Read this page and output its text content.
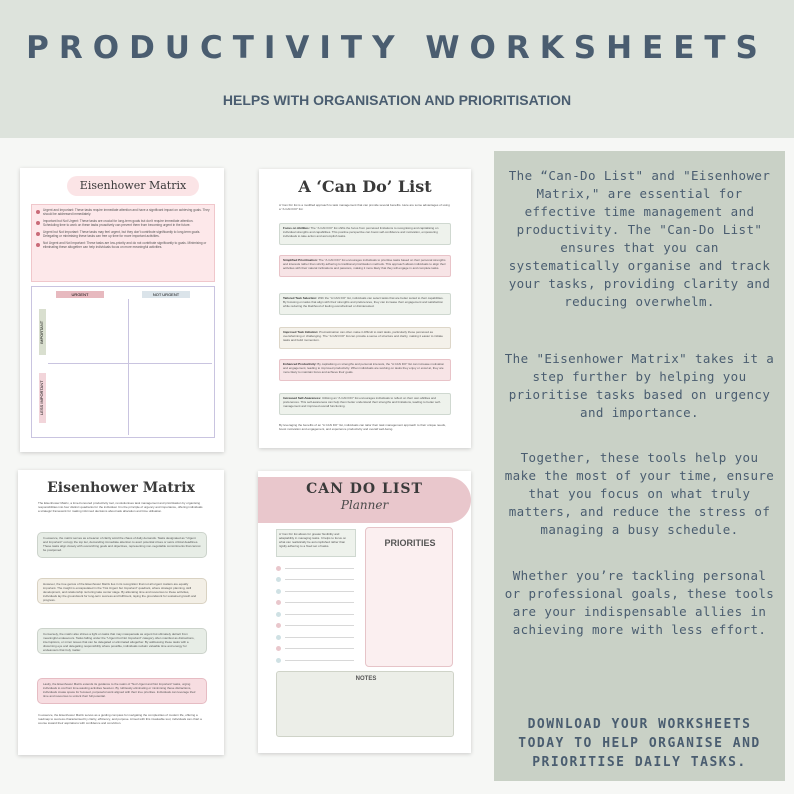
PRODUCTIVITY WORKSHEETS
HELPS WITH ORGANISATION AND PRIORITISATION
Eisenhower Matrix
Urgent and Important: These tasks require immediate attention and have a significant impact on achieving goals. They should be addressed immediately.
Important but Not Urgent: These tasks are crucial for long-term goals but don't require immediate attention. Scheduling time to work on these tasks proactively can prevent them from becoming urgent in the future.
Urgent but Not Important: These tasks may feel urgent, but they don't contribute significantly to long-term goals. Delegating or minimising these tasks can free up time for more important activities.
Not Urgent and Not Important: These tasks are low-priority and do not contribute significantly to goals. Minimising or eliminating these altogether can help individuals focus on more meaningful activities.
URGENT	NOT URGENT
IMPORTANT
LESS IMPORTANT
A ‘Can Do’ List
A 'Can Do' list is a modified approach to task management that can provide several benefits. Here are some advantages of using a "A CAN DO" list:
Focus on Abilities: The "A CAN DO" list shifts the focus from perceived limitations to recognising and capitalising on individual strengths and capabilities. This positive perspective can boost self-confidence and motivation, empowering individuals to take action and accomplish tasks.
Simplified Prioritisation: The "A CAN DO" list encourages individuals to prioritise tasks based on their personal strengths and interests rather than strictly adhering to traditional prioritisation methods. This approach allows individuals to align their activities with their natural inclinations and passions, making it more likely that they will engage in and complete tasks.
Tailored Task Selection: With the "A CAN DO" list, individuals can select tasks that are better suited to their capabilities. By focusing on tasks that align with their strengths and preferences, they can increase their engagement and satisfaction while reducing the likelihood of feeling overwhelmed or disinterested.
Improved Task Initiation: Procrastination can often make it difficult to start tasks, particularly those perceived as overwhelming or challenging. The "A CAN DO" list can provide a sense of structure and clarity, making it easier to initiate tasks and build momentum.
Enhanced Productivity: By capitalising on strengths and personal interests, the "A CAN DO" list can increase motivation and engagement, leading to improved productivity. When individuals are working on tasks they enjoy or excel at, they are more likely to maintain focus and achieve their goals.
Increased Self-Awareness: Utilising an "A CAN DO" list encourages individuals to reflect on their own abilities and preferences. This self-awareness can help them better understand their strengths and limitations, leading to better self-management and improved overall functioning.
By leveraging the benefits of an "A CAN DO" list, individuals can tailor their task management approach to their unique needs, boost motivation and engagement, and experience productivity and overall well-being.
Eisenhower Matrix
The Eisenhower Matrix, a time-honoured productivity tool, revolutionises task management and prioritisation by organising responsibilities into four distinct quadrants for the individual. It is the principle of urgency and importance, offering individuals a strategic framework for making informed decisions about task allocation and time utilisation.
In essence, the matrix serves as a beacon of clarity amid the chaos of daily demands. Tasks designated as "Urgent and Important" occupy the top tier, demanding immediate attention to avert potential crises or seize critical deadlines. These tasks align closely with overarching goals and objectives, representing non-negotiable commitments that cannot be postponed.
However, the true genius of the Eisenhower Matrix lies in its recognition that not all urgent matters are equally important. The insight is encapsulated in the "Not Urgent but Important" quadrant, where strategic planning, skill development, and relationship nurturing take center stage. By allocating time and resources to these activities, individuals lay the groundwork for long-term success and fulfilment, laying the groundwork for sustained growth and progress.
Conversely, the matrix also shines a light on tasks that may masquerade as urgent but ultimately detract from meaningful endeavours. Tasks falling under the "Urgent but Not Important" category often manifest as distractions, interruptions, or minor issues that can be delegated or eliminated altogether. By addressing these tasks with a discerning eye and delegating responsibility where possible, individuals reclaim valuable time and energy for endeavours that truly matter.
Lastly, the Eisenhower Matrix extends its guidance to the realm of "Not Urgent and Not Important" tasks, urging individuals to confront time-wasting activities head-on. By ruthlessly eliminating or minimising these distractions, individuals create space for focused, purposeful work aligned with their true priorities. Individuals can leverage their time and resources to unlock their full potential.
In essence, the Eisenhower Matrix serves as a guiding compass for navigating the complexities of modern life, offering a roadmap to success characterised by clarity, efficiency, and purpose. Armed with this invaluable tool, individuals can chart a course toward their aspirations with confidence and conviction.
CAN DO LIST
Planner
A 'Can Do' list allows for greater flexibility and adaptability in managing tasks. It helps to focus on what can realistically be accomplished rather than rigidly adhering to a fixed set of tasks.	PRIORITIES
NOTES
The “Can-Do List" and "Eisenhower Matrix," are essential for effective time management and productivity. The "Can-Do List" ensures that you can systematically organise and track your tasks, providing clarity and reducing overwhelm.
The "Eisenhower Matrix" takes it a step further by helping you prioritise tasks based on urgency and importance.
Together, these tools help you make the most of your time, ensure that you focus on what truly matters, and reduce the stress of managing a busy schedule.
Whether you’re tackling personal or professional goals, these tools are your indispensable allies in achieving more with less effort.
DOWNLOAD YOUR WORKSHEETS TODAY TO HELP ORGANISE AND PRIORITISE DAILY TASKS.
